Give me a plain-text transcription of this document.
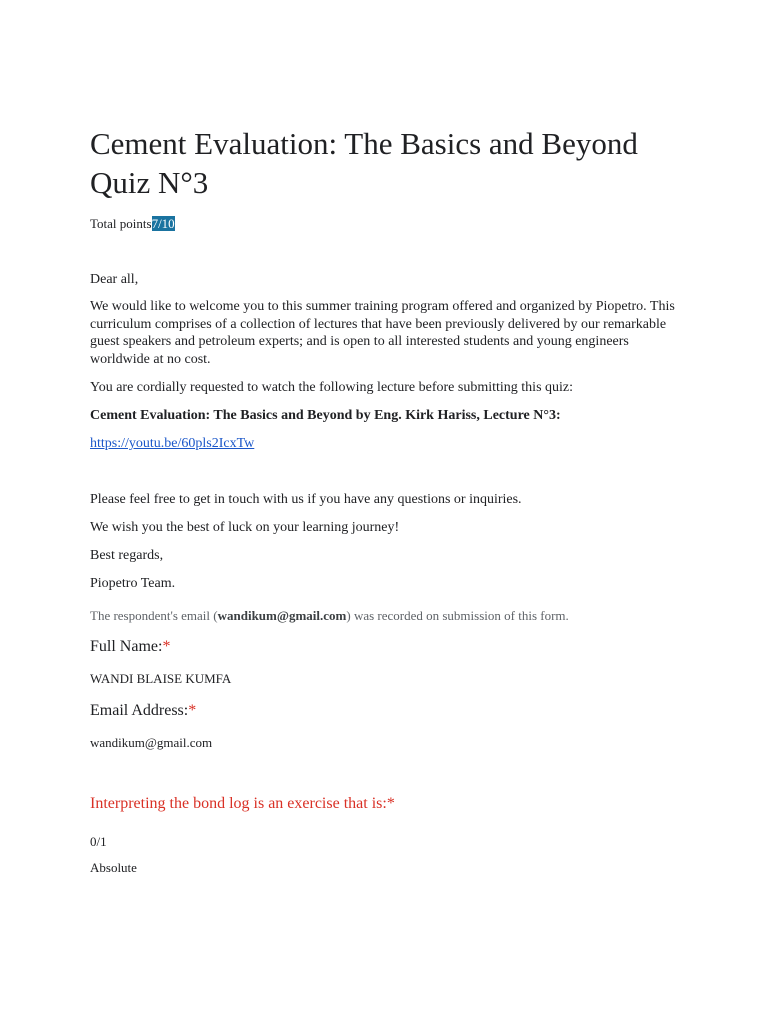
Cement Evaluation: The Basics and Beyond
Quiz N°3
Total points7/10

Dear all,

We would like to welcome you to this summer training program offered and organized by Piopetro. This curriculum comprises of a collection of lectures that have been previously delivered by our remarkable guest speakers and petroleum experts; and is open to all interested students and young engineers worldwide at no cost.

You are cordially requested to watch the following lecture before submitting this quiz:

Cement Evaluation: The Basics and Beyond by Eng. Kirk Hariss, Lecture N°3:

https://youtu.be/60pls2IcxTw

Please feel free to get in touch with us if you have any questions or inquiries.

We wish you the best of luck on your learning journey!

Best regards,

Piopetro Team.

The respondent's email (wandikum@gmail.com) was recorded on submission of this form.

Full Name:*
WANDI BLAISE KUMFA
Email Address:*
wandikum@gmail.com
Interpreting the bond log is an exercise that is:*
0/1
Absolute
